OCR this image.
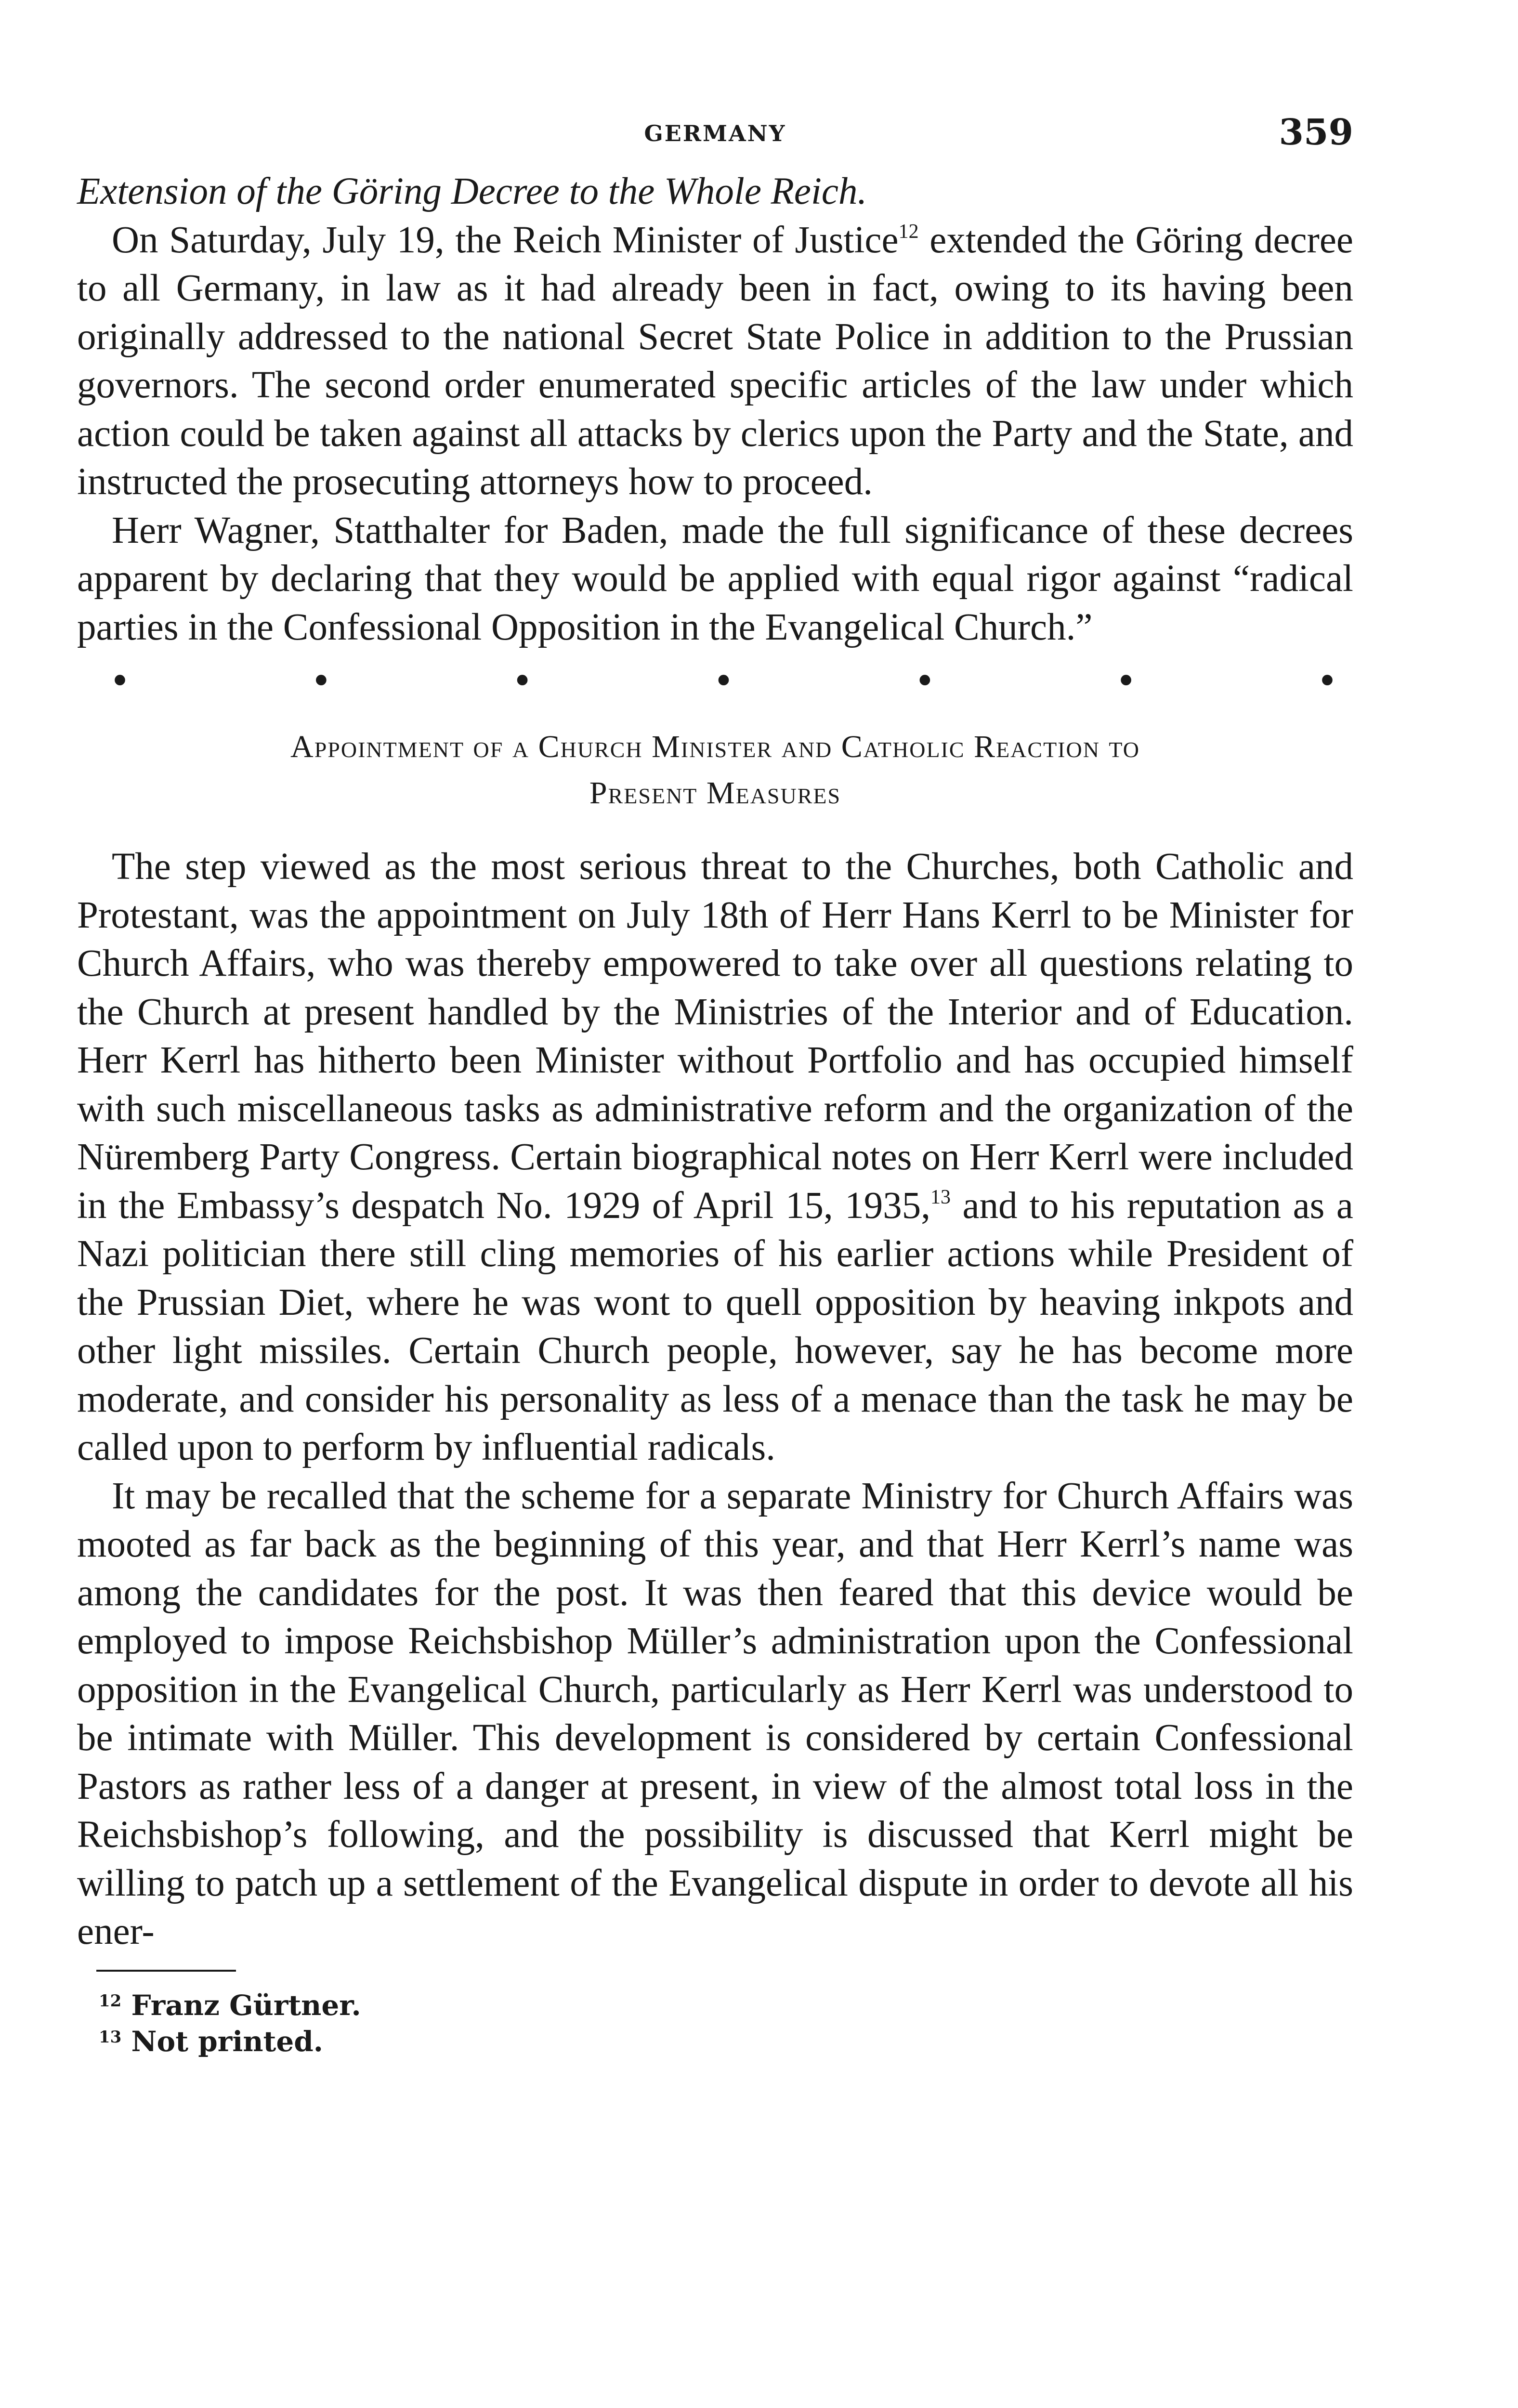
GERMANY	359
Extension of the Göring Decree to the Whole Reich.

On Saturday, July 19, the Reich Minister of Justice$^{12}$ extended the Göring decree to all Germany, in law as it had already been in fact, owing to its having been originally addressed to the national Secret State Police in addition to the Prussian governors. The second order enumerated specific articles of the law under which action could be taken against all attacks by clerics upon the Party and the State, and instructed the prosecuting attorneys how to proceed.

Herr Wagner, Statthalter for Baden, made the full significance of these decrees apparent by declaring that they would be applied with equal rigor against “radical parties in the Confessional Opposition in the Evangelical Church.”

•	•	•	•	•	•	•
Appointment of a Church Minister and Catholic Reaction to
Present Measures

The step viewed as the most serious threat to the Churches, both Catholic and Protestant, was the appointment on July 18th of Herr Hans Kerrl to be Minister for Church Affairs, who was thereby empowered to take over all questions relating to the Church at present handled by the Ministries of the Interior and of Education. Herr Kerrl has hitherto been Minister without Portfolio and has occupied himself with such miscellaneous tasks as administrative reform and the organization of the Nüremberg Party Congress. Certain biographical notes on Herr Kerrl were included in the Embassy’s despatch No. 1929 of April 15, 1935,13 and to his reputation as a Nazi politician there still cling memories of his earlier actions while President of the Prussian Diet, where he was wont to quell opposition by heaving inkpots and other light missiles. Certain Church people, however, say he has become more moderate, and consider his personality as less of a menace than the task he may be called upon to perform by influential radicals.

It may be recalled that the scheme for a separate Ministry for Church Affairs was mooted as far back as the beginning of this year, and that Herr Kerrl’s name was among the candidates for the post. It was then feared that this device would be employed to impose Reichsbishop Müller’s administration upon the Confessional opposition in the Evangelical Church, particularly as Herr Kerrl was understood to be intimate with Müller. This development is considered by certain Confessional Pastors as rather less of a danger at present, in view of the almost total loss in the Reichsbishop’s following, and the possibility is discussed that Kerrl might be willing to patch up a settlement of the Evangelical dispute in order to devote all his ener-

$^{12}$ Franz Gürtner.
$^{13}$ Not printed.
